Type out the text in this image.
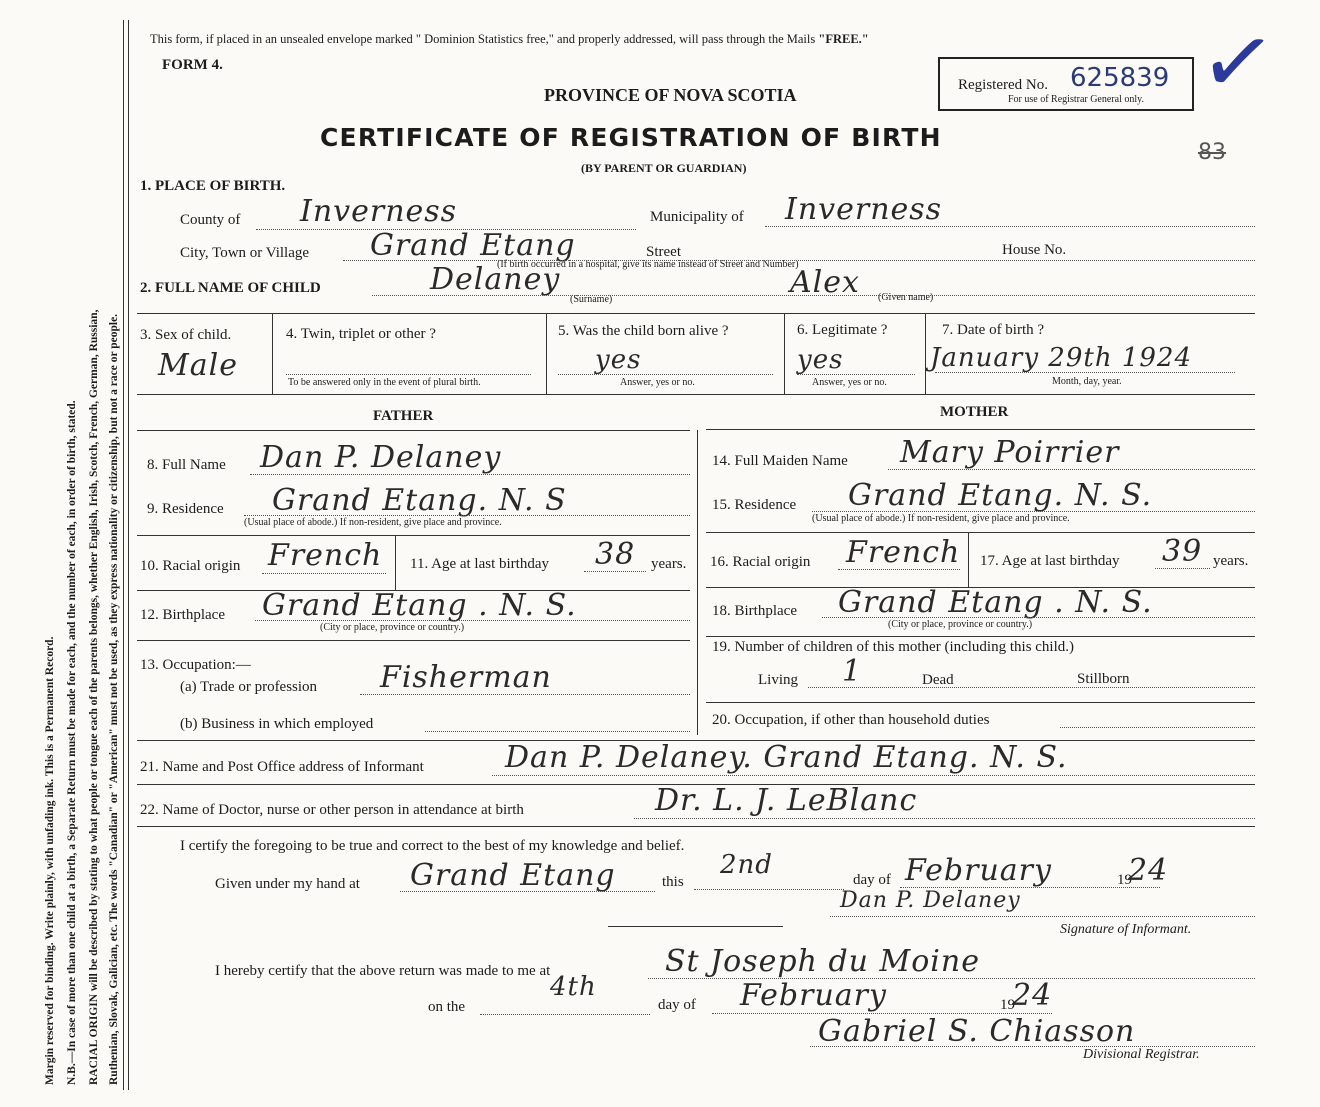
Margin reserved for binding. Write plainly, with unfading ink. This is a Permanent Record. N.B.—In case of more than one child at a birth, a Separate Return must be made for each, and the number of each, in order of birth, stated. RACIAL ORIGIN will be described by stating to what people or tongue each of the parents belongs, whether English, Irish, Scotch, French, German, Russian, Ruthenian, Slovak, Galician, etc. The words "Canadian" or "American" must not be used, as they express nationality or citizenship, but not a race or people.
This form, if placed in an unsealed envelope marked " Dominion Statistics free," and properly addressed, will pass through the Mails "FREE."
FORM 4.
PROVINCE OF NOVA SCOTIA
CERTIFICATE OF REGISTRATION OF BIRTH
(BY PARENT OR GUARDIAN)
Registered No. 625839
For use of Registrar General only. ✓
83
1. PLACE OF BIRTH.
County of Inverness	Municipality of Inverness
City, Town or Village Grand Etang	Street
(If birth occurred in a hospital, give its name instead of Street and Number)
House No.
2. FULL NAME OF CHILD	Delaney
(Surname)	Alex (Given name)
3. Sex of child.
Male
4. Twin, triplet or other ?
To be answered only in the event of plural birth.
5. Was the child born alive ?
yes
Answer, yes or no.
6. Legitimate ?
yes
Answer, yes or no.
7. Date of birth ?
January 29th 1924
Month, day, year.
FATHER	MOTHER
8. Full Name Dan P. Delaney
9. Residence Grand Etang. N. S
(Usual place of abode.) If non-resident, give place and province.
10. Racial origin French 11. Age at last birthday 38 years.
12. Birthplace Grand Etang . N. S.
(City or place, province or country.)
13. Occupation:—
(a) Trade or profession Fisherman
(b) Business in which employed
14. Full Maiden Name Mary Poirrier
15. Residence Grand Etang. N. S.
(Usual place of abode.) If non-resident, give place and province.
16. Racial origin French 17. Age at last birthday 39 years.
18. Birthplace Grand Etang . N. S.
(City or place, province or country.)
19. Number of children of this mother (including this child.)
Living 1	Dead	Stillborn
20. Occupation, if other than household duties
21. Name and Post Office address of Informant	Dan P. Delaney. Grand Etang. N. S.
22. Name of Doctor, nurse or other person in attendance at birth	Dr. L. J. LeBlanc
I certify the foregoing to be true and correct to the best of my knowledge and belief.
Given under my hand at Grand Etang	this
2nd	day of February	19
24
Dan P. Delaney
Signature of Informant.
I hereby certify that the above return was made to me at	St Joseph du Moine
on the
4th
day of February	19
24
Gabriel S. Chiasson
Divisional Registrar.
